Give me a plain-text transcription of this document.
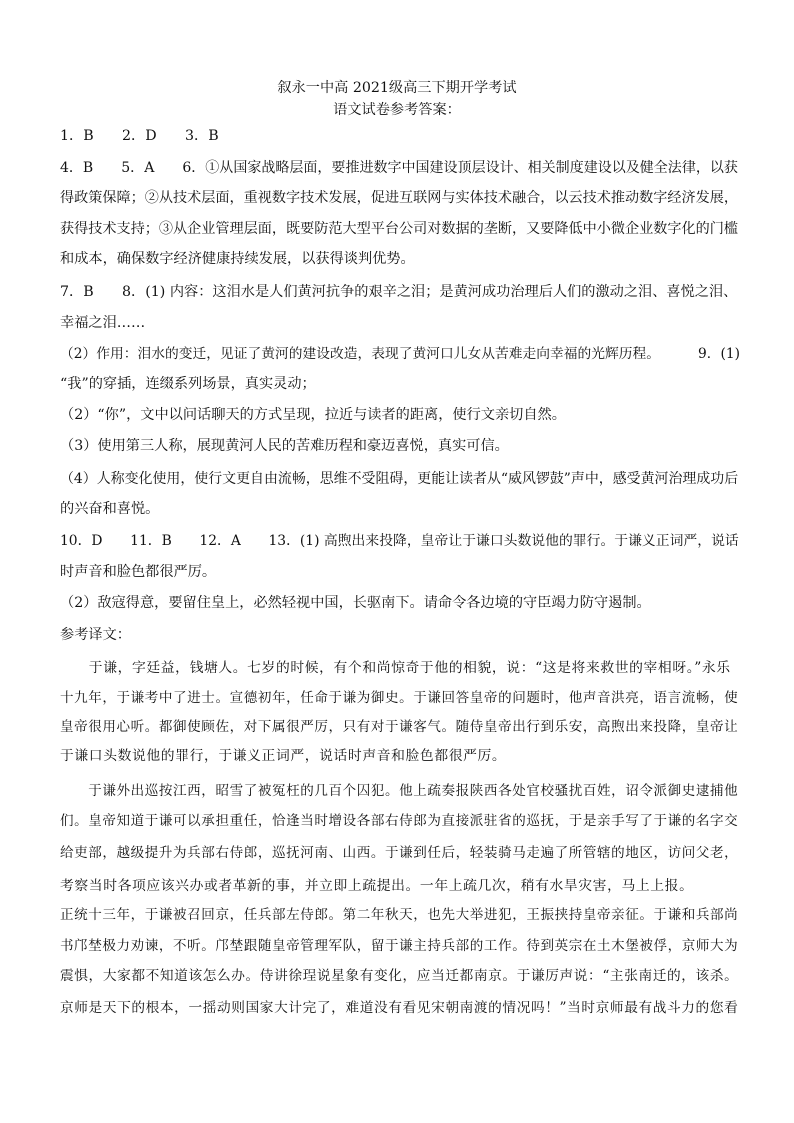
叙永一中高 2021级高三下期开学考试
语文试卷参考答案：
1．B　　2．D　　3．B
4．B　　5．A　　6．①从国家战略层面，要推进数字中国建设顶层设计、相关制度建设以及健全法律，以获
得政策保障；②从技术层面，重视数字技术发展，促进互联网与实体技术融合，以云技术推动数字经济发展，
获得技术支持；③从企业管理层面，既要防范大型平台公司对数据的垄断，又要降低中小微企业数字化的门槛
和成本，确保数字经济健康持续发展，以获得谈判优势。
7．B　　8．(1) 内容：这泪水是人们黄河抗争的艰辛之泪；是黄河成功治理后人们的激动之泪、喜悦之泪、
幸福之泪……
（2）作用：泪水的变迁，见证了黄河的建设改造，表现了黄河口儿女从苦难走向幸福的光辉历程。	9．(1)
“我”的穿插，连缀系列场景，真实灵动；
（2）“你”，文中以问话聊天的方式呈现，拉近与读者的距离，使行文亲切自然。
（3）使用第三人称，展现黄河人民的苦难历程和豪迈喜悦，真实可信。
（4）人称变化使用，使行文更自由流畅，思维不受阻碍，更能让读者从“威风锣鼓”声中，感受黄河治理成功后
的兴奋和喜悦。
10．D　　11．B　　12．A　　13．(1) 高煦出来投降，皇帝让于谦口头数说他的罪行。于谦义正词严，说话
时声音和脸色都很严厉。
（2）敌寇得意，要留住皇上，必然轻视中国，长驱南下。请命令各边境的守臣竭力防守遏制。
参考译文：
　　于谦，字廷益，钱塘人。七岁的时候，有个和尚惊奇于他的相貌，说：“这是将来救世的宰相呀。”永乐
十九年，于谦考中了进士。宣德初年，任命于谦为御史。于谦回答皇帝的问题时，他声音洪亮，语言流畅，使
皇帝很用心听。都御使顾佐，对下属很严厉，只有对于谦客气。随侍皇帝出行到乐安，高煦出来投降，皇帝让
于谦口头数说他的罪行，于谦义正词严，说话时声音和脸色都很严厉。
　　于谦外出巡按江西，昭雪了被冤枉的几百个囚犯。他上疏奏报陕西各处官校骚扰百姓，诏令派御史逮捕他
们。皇帝知道于谦可以承担重任，恰逢当时增设各部右侍郎为直接派驻省的巡抚，于是亲手写了于谦的名字交
给吏部，越级提升为兵部右侍郎，巡抚河南、山西。于谦到任后，轻装骑马走遍了所管辖的地区，访问父老，
考察当时各项应该兴办或者革新的事，并立即上疏提出。一年上疏几次，稍有水旱灾害，马上上报。
正统十三年，于谦被召回京，任兵部左侍郎。第二年秋天，也先大举进犯，王振挟持皇帝亲征。于谦和兵部尚
书邝埜极力劝谏，不听。邝埜跟随皇帝管理军队，留于谦主持兵部的工作。待到英宗在土木堡被俘，京师大为
震惧，大家都不知道该怎么办。侍讲徐珵说星象有变化，应当迁都南京。于谦厉声说：“主张南迁的，该杀。
京师是天下的根本，一摇动则国家大计完了，难道没有看见宋朝南渡的情况吗！”当时京师最有战斗力的您看
